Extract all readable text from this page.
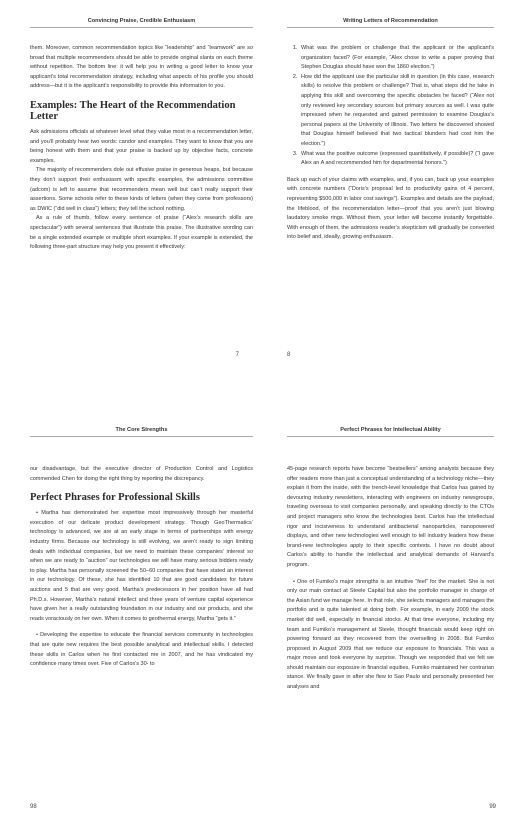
Convincing Praise, Credible Enthusiasm

them. Moreover, common recommendation topics like “leadership” and “teamwork” are so broad that multiple recommenders should be able to provide original slants on each theme without repetition. The bottom line: it will help you in writing a good letter to know your applicant’s total recommendation strategy, including what aspects of his profile you should address—but it is the applicant’s responsibility to provide this information to you.

Examples: The Heart of the Recommendation Letter

Ask admissions officials at whatever level what they value most in a recommendation letter, and you’ll probably hear two words: candor and examples. They want to know that you are being honest with them and that your praise is backed up by objective facts, concrete examples.

The majority of recommenders dole out effusive praise in generous heaps, but because they don’t support their enthusiasm with specific examples, the admissions committee (adcom) is left to assume that recommenders mean well but can’t really support their assertions. Some schools refer to these kinds of letters (when they come from professors) as DWIC (“did well in class”) letters; they tell the school nothing.

As a rule of thumb, follow every sentence of praise (“Alex’s research skills are spectacular”) with several sentences that illustrate this praise. The illustrative wording can be a single extended example or multiple short examples. If your example is extended, the following three-part structure may help you present it effectively:

7
Writing Letters of Recommendation
1. What was the problem or challenge that the applicant or the applicant’s organization faced? (For example, “Alex chose to write a paper proving that Stephen Douglas should have won the 1860 election.”)
2. How did the applicant use the particular skill in question (in this case, research skills) to resolve this problem or challenge? That is, what steps did he take in applying this skill and overcoming the specific obstacles he faced? (“Alex not only reviewed key secondary sources but primary sources as well. I was quite impressed when he requested and gained permission to examine Douglas’s personal papers at the University of Illinois. Two letters he discovered showed that Douglas himself believed that two tactical blunders had cost him the election.”)
3. What was the positive outcome (expressed quantitatively, if possible)? (“I gave Alex an A and recommended him for departmental honors.”)

Back up each of your claims with examples, and, if you can, back up your examples with concrete numbers (“Doris’s proposal led to productivity gains of 4 percent, representing $500,000 in labor cost savings”). Examples and details are the payload, the lifeblood, of the recommendation letter—proof that you aren’t just blowing laudatory smoke rings. Without them, your letter will become instantly forgettable. With enough of them, the admissions reader’s skepticism will gradually be converted into belief and, ideally, growing enthusiasm.

8
The Core Strengths

our disadvantage, but the executive director of Production Control and Logistics commended Chen for doing the right thing by reporting the discrepancy.

Perfect Phrases for Professional Skills

• Martha has demonstrated her expertise most impressively through her masterful execution of our delicate product development strategy. Though GeoThermatics’ technology is advanced, we are at an early stage in terms of partnerships with energy industry firms. Because our technology is still evolving, we aren’t ready to sign limiting deals with individual companies, but we need to maintain these companies’ interest so when we are ready to “auction” our technologies we will have many serious bidders ready to play. Martha has personally screened the 50–60 companies that have stated an interest in our technology. Of these, she has identified 10 that are good candidates for future auctions and 5 that are very good. Martha’s predecessors in her position have all had Ph.D.s. However, Martha’s natural intellect and three years of venture capital experience have given her a really outstanding foundation in our industry and our products, and she reads voraciously on her own. When it comes to geothermal energy, Martha “gets it.”

• Developing the expertise to educate the financial services community in technologies that are quite new requires the best possible analytical and intellectual skills. I detected these skills in Carlos when he first contacted me in 2007, and he has vindicated my confidence many times over. Five of Carlos’s 30- to

98
Perfect Phrases for Intellectual Ability

45-page research reports have become “bestsellers” among analysts because they offer readers more than just a conceptual understanding of a technology niche—they explain it from the inside, with the trench-level knowledge that Carlos has gained by devouring industry newsletters, interacting with engineers on industry newsgroups, traveling overseas to visit companies personally, and speaking directly to the CTOs and project managers who know the technologies best. Carlos has the intellectual rigor and incisiveness to understand antibacterial nanoparticles, nanopowered displays, and other new technologies well enough to tell industry leaders how these brand-new technologies apply to their specific contexts. I have no doubt about Carlos’s ability to handle the intellectual and analytical demands of Harvard’s program.

• One of Fumiko’s major strengths is an intuitive “feel” for the market. She is not only our main contact at Steele Capital but also the portfolio manager in charge of the Asian fund we manage here. In that role, she selects managers and manages the portfolio and is quite talented at doing both. For example, in early 2009 the stock market did well, especially in financial stocks. At that time everyone, including my team and Fumiko’s management at Steele, thought financials would keep right on powering forward as they recovered from the overselling in 2008. But Fumiko proposed in August 2009 that we reduce our exposure to financials. This was a major move and took everyone by surprise. Though we responded that we felt we should maintain our exposure in financial equities, Fumiko maintained her contrarian stance. We finally gave in after she flew to Sao Paulo and personally presented her analyses and

99
